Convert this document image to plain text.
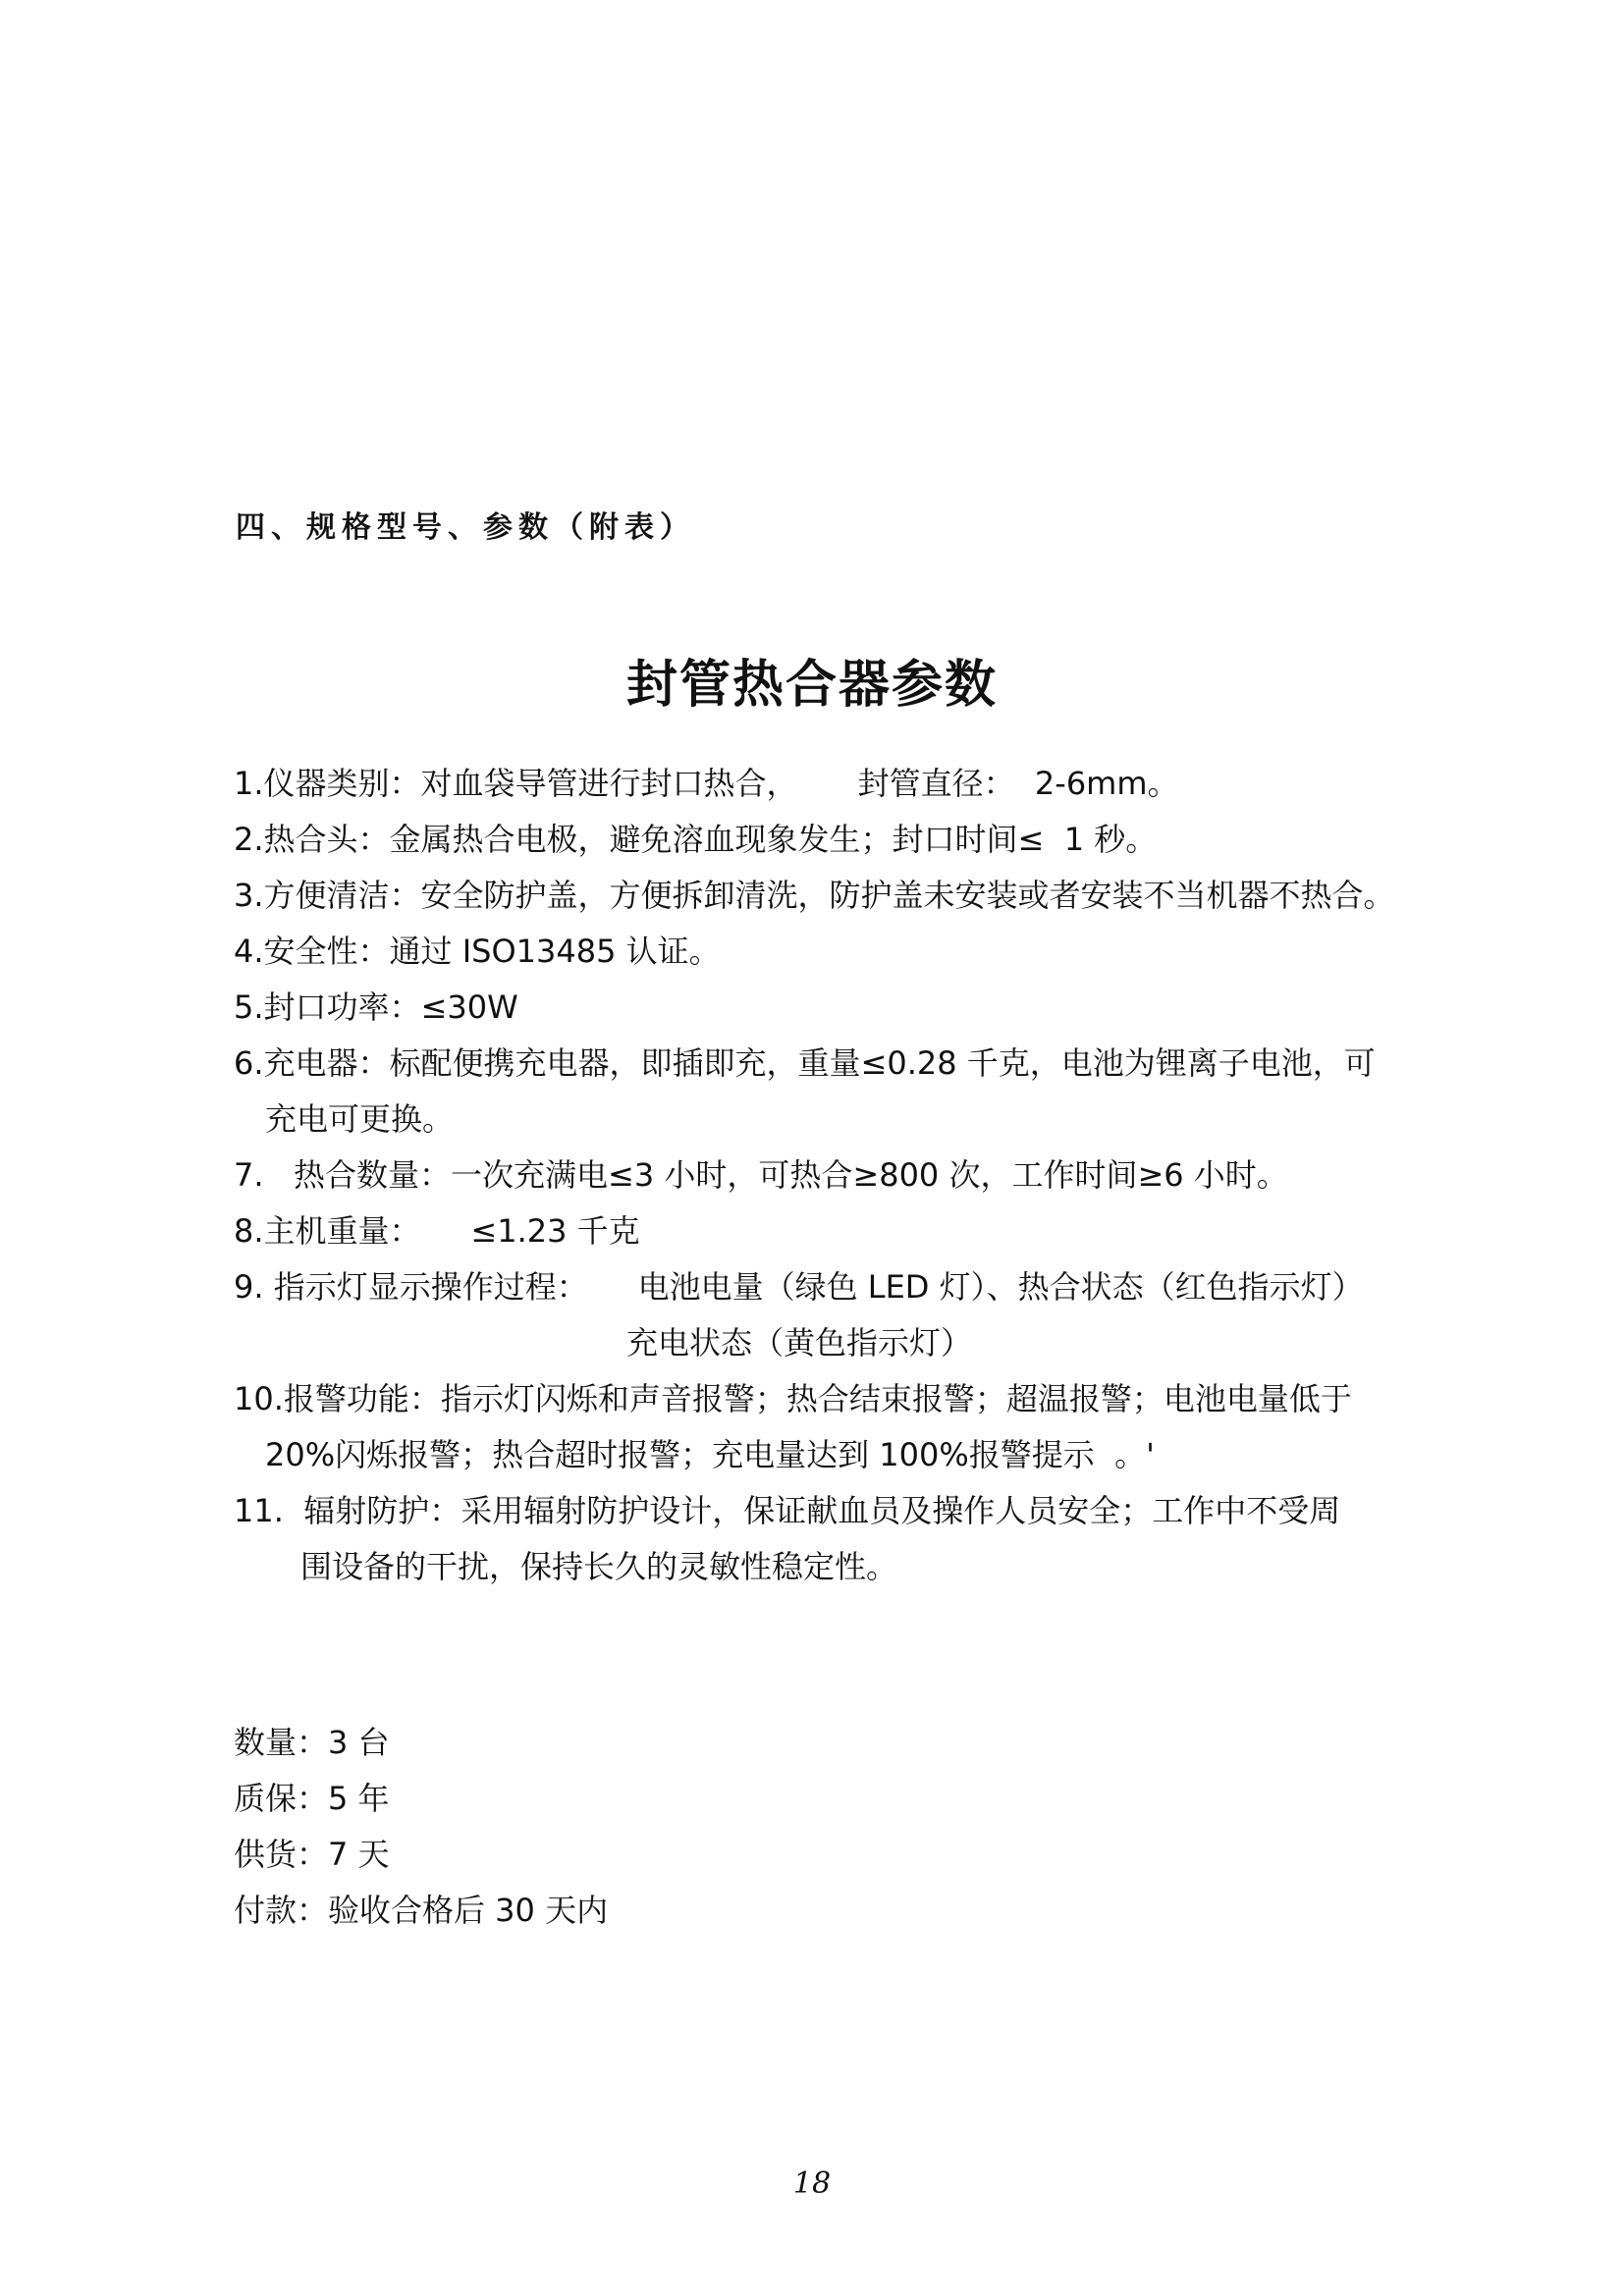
四、规格型号、参数（附表）
封管热合器参数
1.仪器类别：对血袋导管进行封口热合，      封管直径：  2-6mm。
2.热合头：金属热合电极，避免溶血现象发生；封口时间≤  1 秒。
3.方便清洁：安全防护盖，方便拆卸清洗，防护盖未安装或者安装不当机器不热合。
4.安全性：通过 ISO13485 认证。
5.封口功率：≤30W
6.充电器：标配便携充电器，即插即充，重量≤0.28 千克，电池为锂离子电池，可
充电可更换。
7.   热合数量：一次充满电≤3 小时，可热合≥800 次，工作时间≥6 小时。
8.主机重量：     ≤1.23 千克
9. 指示灯显示操作过程：     电池电量（绿色 LED 灯）、热合状态（红色指示灯）
充电状态（黄色指示灯）
10.报警功能：指示灯闪烁和声音报警；热合结束报警；超温报警；电池电量低于
20%闪烁报警；热合超时报警；充电量达到 100%报警提示  。'
11.  辐射防护：采用辐射防护设计，保证献血员及操作人员安全；工作中不受周
围设备的干扰，保持长久的灵敏性稳定性。
数量：3 台
质保：5 年
供货：7 天
付款：验收合格后 30 天内
18
